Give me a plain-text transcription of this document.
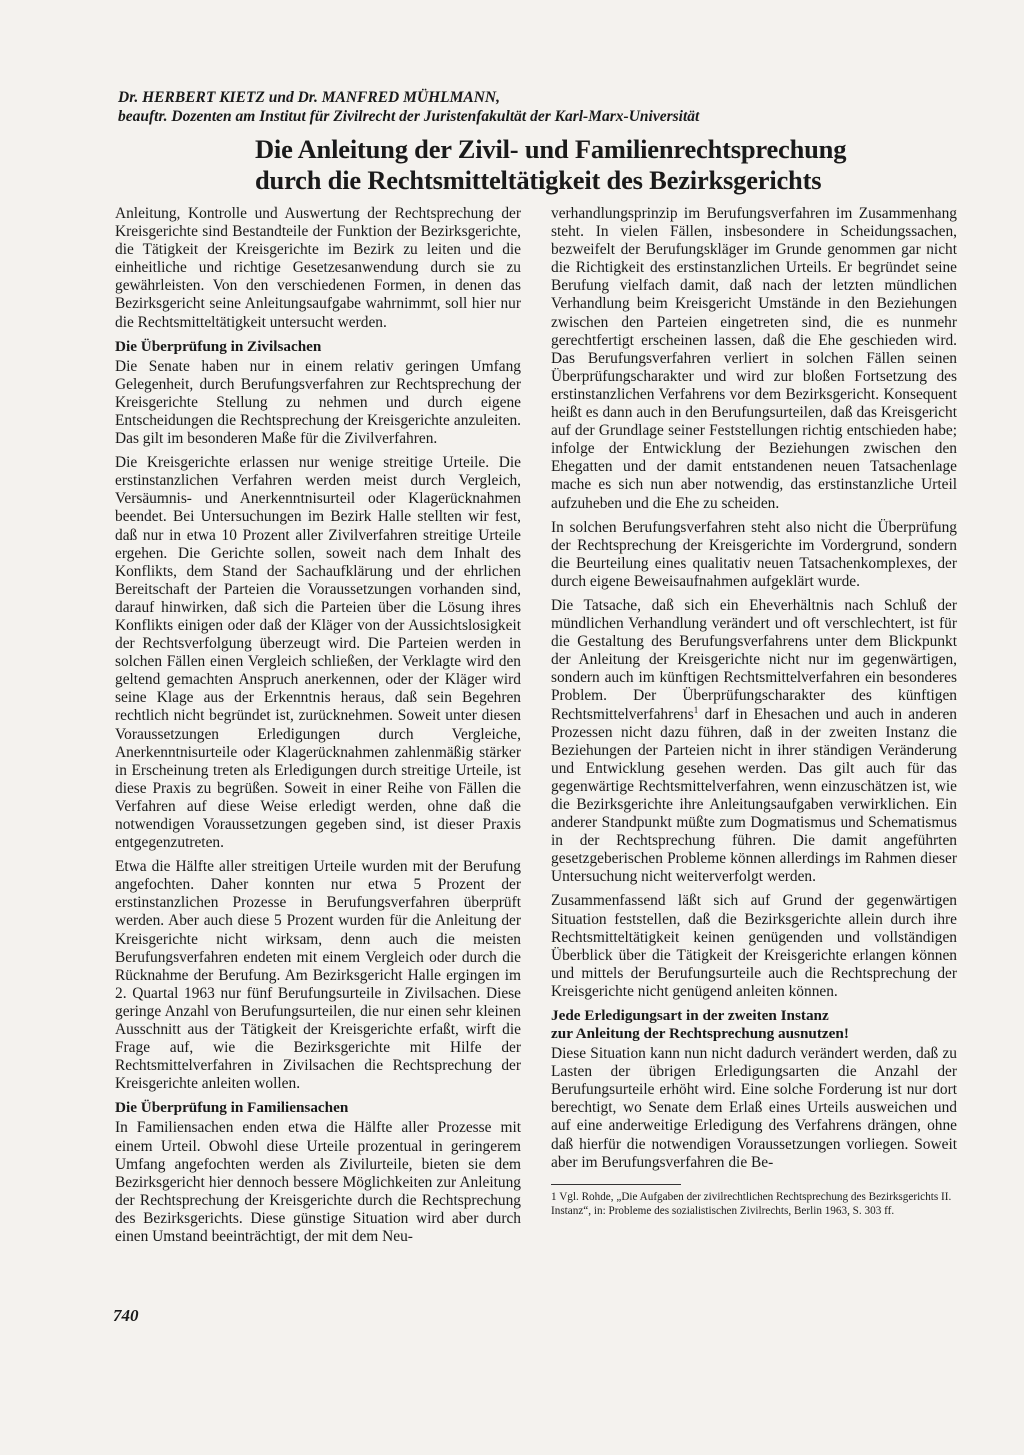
Dr. HERBERT KIETZ und Dr. MANFRED MÜHLMANN,
beauftr. Dozenten am Institut für Zivilrecht der Juristenfakultät der Karl-Marx-Universität
Die Anleitung der Zivil- und Familienrechtsprechung
durch die Rechtsmitteltätigkeit des Bezirksgerichts

Anleitung, Kontrolle und Auswertung der Rechtsprechung der Kreisgerichte sind Bestandteile der Funktion der Bezirksgerichte, die Tätigkeit der Kreisgerichte im Bezirk zu leiten und die einheitliche und richtige Gesetzesanwendung durch sie zu gewährleisten. Von den verschiedenen Formen, in denen das Bezirksgericht seine Anleitungsaufgabe wahrnimmt, soll hier nur die Rechtsmitteltätigkeit untersucht werden.

Die Überprüfung in Zivilsachen

Die Senate haben nur in einem relativ geringen Umfang Gelegenheit, durch Berufungsverfahren zur Rechtsprechung der Kreisgerichte Stellung zu nehmen und durch eigene Entscheidungen die Rechtsprechung der Kreisgerichte anzuleiten. Das gilt im besonderen Maße für die Zivilverfahren.

Die Kreisgerichte erlassen nur wenige streitige Urteile. Die erstinstanzlichen Verfahren werden meist durch Vergleich, Versäumnis- und Anerkenntnisurteil oder Klagerücknahmen beendet. Bei Untersuchungen im Bezirk Halle stellten wir fest, daß nur in etwa 10 Prozent aller Zivilverfahren streitige Urteile ergehen. Die Gerichte sollen, soweit nach dem Inhalt des Konflikts, dem Stand der Sachaufklärung und der ehrlichen Bereitschaft der Parteien die Voraussetzungen vorhanden sind, darauf hinwirken, daß sich die Parteien über die Lösung ihres Konflikts einigen oder daß der Kläger von der Aussichtslosigkeit der Rechtsverfolgung überzeugt wird. Die Parteien werden in solchen Fällen einen Vergleich schließen, der Verklagte wird den geltend gemachten Anspruch anerkennen, oder der Kläger wird seine Klage aus der Erkenntnis heraus, daß sein Begehren rechtlich nicht begründet ist, zurücknehmen. Soweit unter diesen Voraussetzungen Erledigungen durch Vergleiche, Anerkenntnisurteile oder Klagerücknahmen zahlenmäßig stärker in Erscheinung treten als Erledigungen durch streitige Urteile, ist diese Praxis zu begrüßen. Soweit in einer Reihe von Fällen die Verfahren auf diese Weise erledigt werden, ohne daß die notwendigen Voraussetzungen gegeben sind, ist dieser Praxis entgegenzutreten.

Etwa die Hälfte aller streitigen Urteile wurden mit der Berufung angefochten. Daher konnten nur etwa 5 Prozent der erstinstanzlichen Prozesse in Berufungsverfahren überprüft werden. Aber auch diese 5 Prozent wurden für die Anleitung der Kreisgerichte nicht wirksam, denn auch die meisten Berufungsverfahren endeten mit einem Vergleich oder durch die Rücknahme der Berufung. Am Bezirksgericht Halle ergingen im 2. Quartal 1963 nur fünf Berufungsurteile in Zivilsachen. Diese geringe Anzahl von Berufungsurteilen, die nur einen sehr kleinen Ausschnitt aus der Tätigkeit der Kreisgerichte erfaßt, wirft die Frage auf, wie die Bezirksgerichte mit Hilfe der Rechtsmittelverfahren in Zivilsachen die Rechtsprechung der Kreisgerichte anleiten wollen.

Die Überprüfung in Familiensachen

In Familiensachen enden etwa die Hälfte aller Prozesse mit einem Urteil. Obwohl diese Urteile prozentual in geringerem Umfang angefochten werden als Zivilurteile, bieten sie dem Bezirksgericht hier dennoch bessere Möglichkeiten zur Anleitung der Rechtsprechung der Kreisgerichte durch die Rechtsprechung des Bezirksgerichts. Diese günstige Situation wird aber durch einen Umstand beeinträchtigt, der mit dem Neu-

verhandlungsprinzip im Berufungsverfahren im Zusammenhang steht. In vielen Fällen, insbesondere in Scheidungssachen, bezweifelt der Berufungskläger im Grunde genommen gar nicht die Richtigkeit des erstinstanzlichen Urteils. Er begründet seine Berufung vielfach damit, daß nach der letzten mündlichen Verhandlung beim Kreisgericht Umstände in den Beziehungen zwischen den Parteien eingetreten sind, die es nunmehr gerechtfertigt erscheinen lassen, daß die Ehe geschieden wird. Das Berufungsverfahren verliert in solchen Fällen seinen Überprüfungscharakter und wird zur bloßen Fortsetzung des erstinstanzlichen Verfahrens vor dem Bezirksgericht. Konsequent heißt es dann auch in den Berufungsurteilen, daß das Kreisgericht auf der Grundlage seiner Feststellungen richtig entschieden habe; infolge der Entwicklung der Beziehungen zwischen den Ehegatten und der damit entstandenen neuen Tatsachenlage mache es sich nun aber notwendig, das erstinstanzliche Urteil aufzuheben und die Ehe zu scheiden.

In solchen Berufungsverfahren steht also nicht die Überprüfung der Rechtsprechung der Kreisgerichte im Vordergrund, sondern die Beurteilung eines qualitativ neuen Tatsachenkomplexes, der durch eigene Beweisaufnahmen aufgeklärt wurde.

Die Tatsache, daß sich ein Eheverhältnis nach Schluß der mündlichen Verhandlung verändert und oft verschlechtert, ist für die Gestaltung des Berufungsverfahrens unter dem Blickpunkt der Anleitung der Kreisgerichte nicht nur im gegenwärtigen, sondern auch im künftigen Rechtsmittelverfahren ein besonderes Problem. Der Überprüfungscharakter des künftigen Rechtsmittelverfahrens$^1$ darf in Ehesachen und auch in anderen Prozessen nicht dazu führen, daß in der zweiten Instanz die Beziehungen der Parteien nicht in ihrer ständigen Veränderung und Entwicklung gesehen werden. Das gilt auch für das gegenwärtige Rechtsmittelverfahren, wenn einzuschätzen ist, wie die Bezirksgerichte ihre Anleitungsaufgaben verwirklichen. Ein anderer Standpunkt müßte zum Dogmatismus und Schematismus in der Rechtsprechung führen. Die damit angeführten gesetzgeberischen Probleme können allerdings im Rahmen dieser Untersuchung nicht weiterverfolgt werden.

Zusammenfassend läßt sich auf Grund der gegenwärtigen Situation feststellen, daß die Bezirksgerichte allein durch ihre Rechtsmitteltätigkeit keinen genügenden und vollständigen Überblick über die Tätigkeit der Kreisgerichte erlangen können und mittels der Berufungsurteile auch die Rechtsprechung der Kreisgerichte nicht genügend anleiten können.

Jede Erledigungsart in der zweiten Instanz
zur Anleitung der Rechtsprechung ausnutzen!

Diese Situation kann nun nicht dadurch verändert werden, daß zu Lasten der übrigen Erledigungsarten die Anzahl der Berufungsurteile erhöht wird. Eine solche Forderung ist nur dort berechtigt, wo Senate dem Erlaß eines Urteils ausweichen und auf eine anderweitige Erledigung des Verfahrens drängen, ohne daß hierfür die notwendigen Voraussetzungen vorliegen. Soweit aber im Berufungsverfahren die Be-

1 Vgl. Rohde, „Die Aufgaben der zivilrechtlichen Rechtsprechung des Bezirksgerichts II. Instanz“, in: Probleme des sozialistischen Zivilrechts, Berlin 1963, S. 303 ff.
740
